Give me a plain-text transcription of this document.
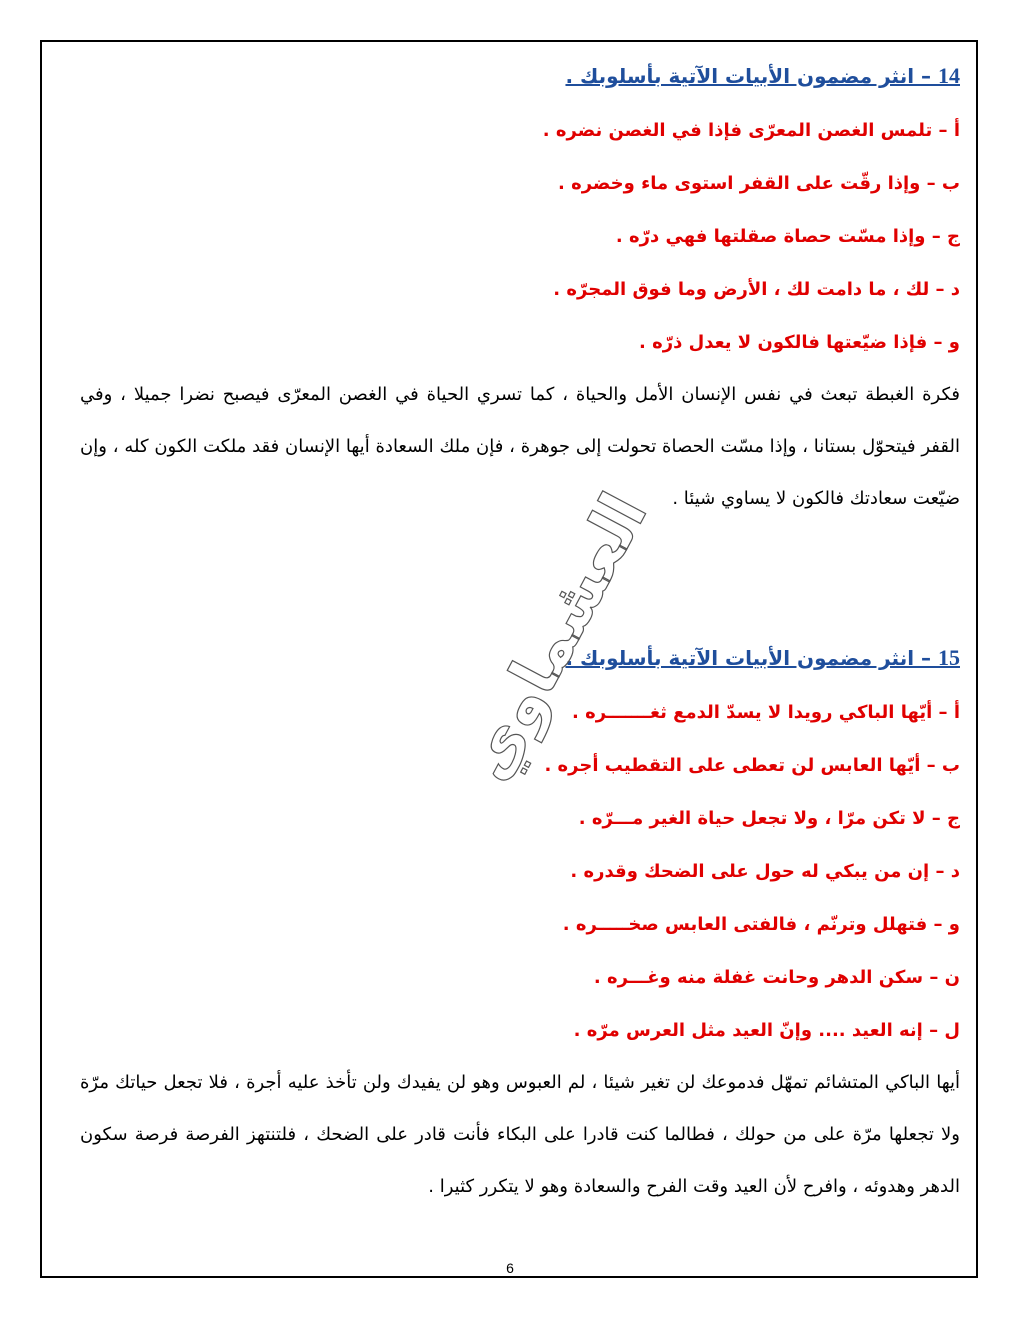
14 – انثر مضمون الأبيات الآتية بأسلوبك .
أ – تلمس الغصن المعرّى فإذا في الغصن نضره .
ب – وإذا رقّت على القفر استوى ماء وخضره .
ج – وإذا مسّت حصاة صقلتها فهي درّه .
د – لك ، ما دامت لك ، الأرض وما فوق المجرّه .
و – فإذا ضيّعتها فالكون لا يعدل ذرّه .
فكرة الغبطة تبعث في نفس الإنسان الأمل والحياة ، كما تسري الحياة في الغصن المعرّى فيصبح نضرا جميلا ، وفي القفر فيتحوّل بستانا ، وإذا مسّت الحصاة تحولت إلى جوهرة ، فإن ملك السعادة أيها الإنسان فقد ملكت الكون كله ، وإن ضيّعت سعادتك فالكون لا يساوي شيئا .
15 – انثر مضمون الأبيات الآتية بأسلوبك .
أ – أيّها الباكي رويدا لا يسدّ الدمع ثغـــــــره .
ب – أيّها العابس لن تعطى على التقطيب أجره .
ج – لا تكن مرّا ، ولا تجعل حياة الغير مـــرّه .
د – إن من يبكي له حول على الضحك وقدره .
و – فتهلل وترنّم ، فالفتى العابس صخـــــره .
ن – سكن الدهر وحانت غفلة منه وغـــره .
ل – إنه العيد .... وإنّ العيد مثل العرس مرّه .
أيها الباكي المتشائم تمهّل فدموعك لن تغير شيئا ، لم العبوس وهو لن يفيدك ولن تأخذ عليه أجرة ، فلا تجعل حياتك مرّة ولا تجعلها مرّة على من حولك ، فطالما كنت قادرا على البكاء فأنت قادر على الضحك ، فلتنتهز الفرصة فرصة سكون الدهر وهدوئه ، وافرح لأن العيد وقت الفرح والسعادة وهو لا يتكرر كثيرا .
العشماوي
6
